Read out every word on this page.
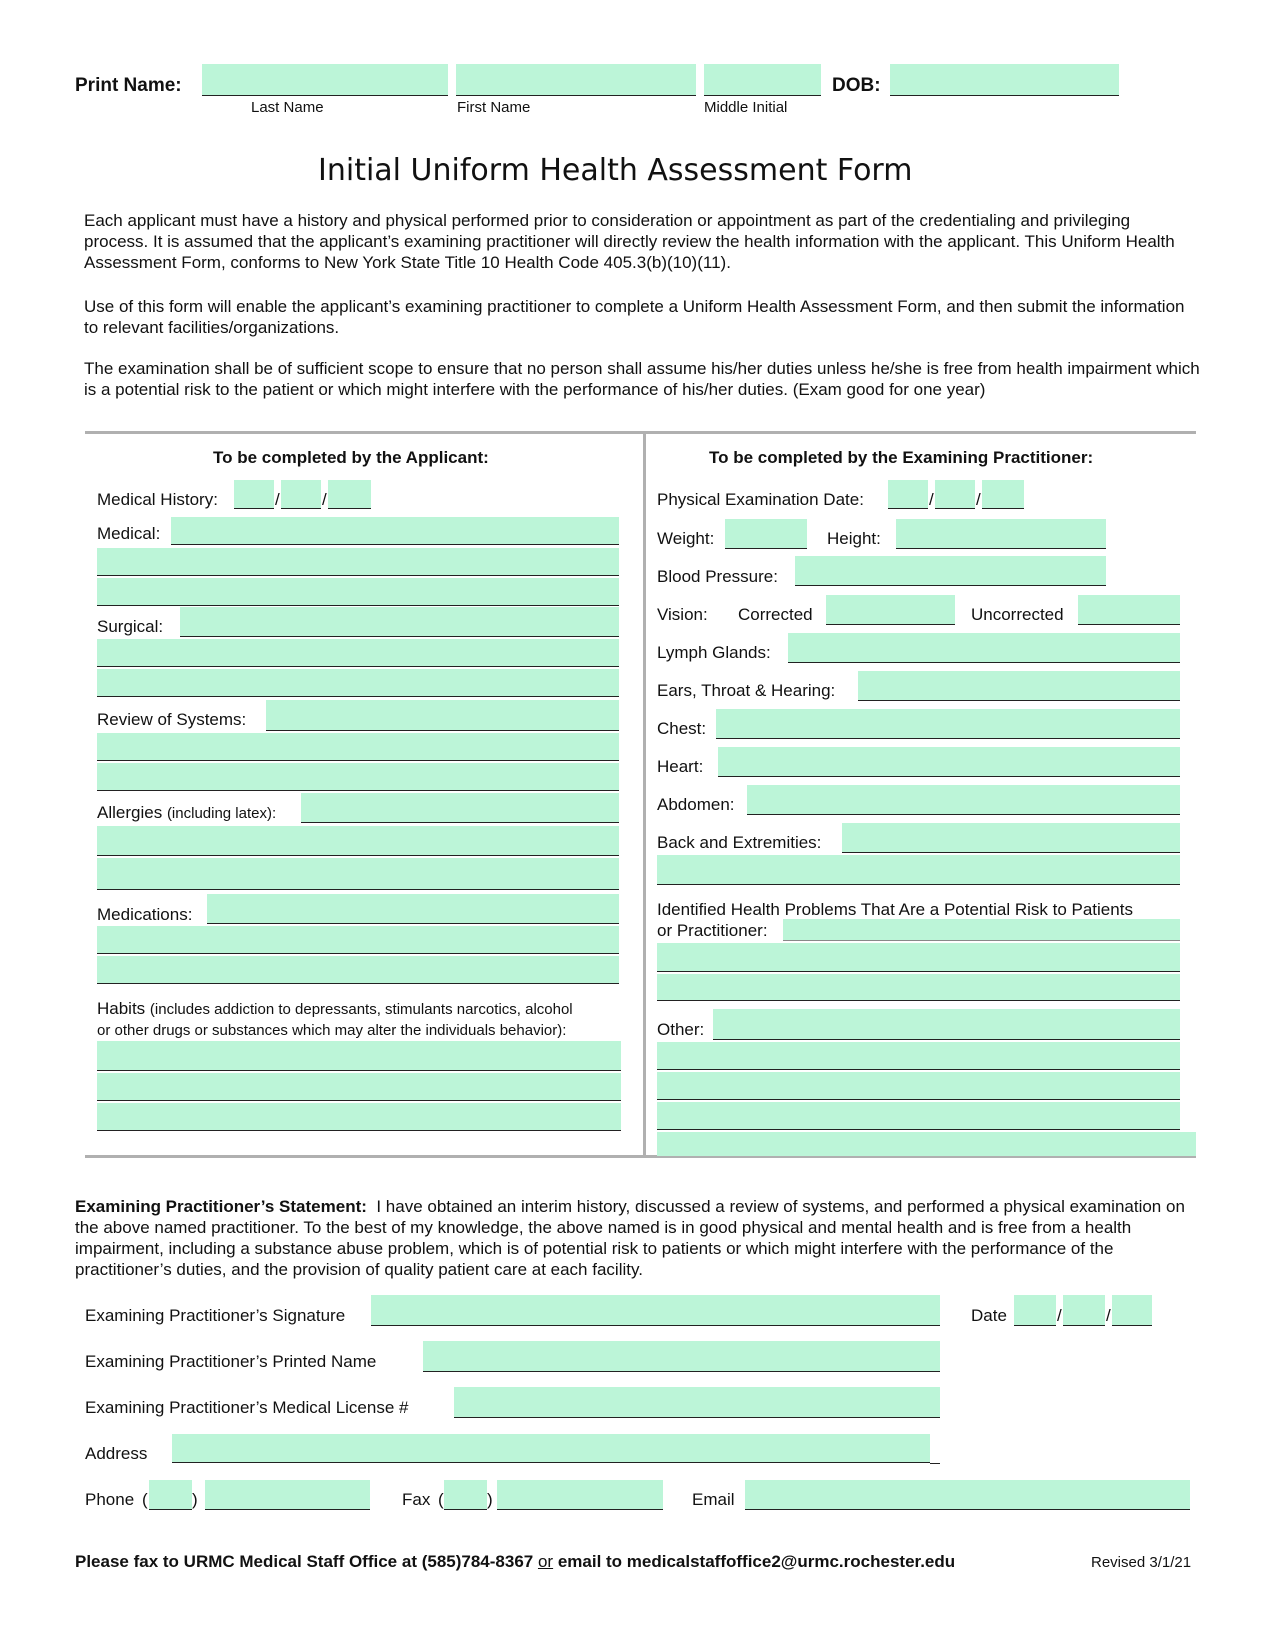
Print Name:
Last Name	First Name	Middle Initial
DOB:
Initial Uniform Health Assessment Form
Each applicant must have a history and physical performed prior to consideration or appointment as part of the credentialing and privileging process. It is assumed that the applicant’s examining practitioner will directly review the health information with the applicant. This Uniform Health Assessment Form, conforms to New York State Title 10 Health Code 405.3(b)(10)(11).
Use of this form will enable the applicant’s examining practitioner to complete a Uniform Health Assessment Form, and then submit the information to relevant facilities/organizations.
The examination shall be of sufficient scope to ensure that no person shall assume his/her duties unless he/she is free from health impairment which is a potential risk to the patient or which might interfere with the performance of his/her duties. (Exam good for one year)
To be completed by the Applicant:
Medical History:	/ /
Medical:
Surgical:
Review of Systems:
Allergies (including latex):
Medications:
Habits (includes addiction to depressants, stimulants narcotics, alcohol
or other drugs or substances which may alter the individuals behavior):
To be completed by the Examining Practitioner:
Physical Examination Date:	/ /
Weight:	Height:
Blood Pressure:
Vision: Corrected	Uncorrected
Lymph Glands:
Ears, Throat & Hearing:
Chest:
Heart:
Abdomen:
Back and Extremities:
Identified Health Problems That Are a Potential Risk to Patients
or Practitioner:
Other:
Examining Practitioner’s Statement: I have obtained an interim history, discussed a review of systems, and performed a physical examination on the above named practitioner. To the best of my knowledge, the above named is in good physical and mental health and is free from a health impairment, including a substance abuse problem, which is of potential risk to patients or which might interfere with the performance of the practitioner’s duties, and the provision of quality patient care at each facility.
Examining Practitioner’s Signature	Date	/	/
Examining Practitioner’s Printed Name
Examining Practitioner’s Medical License #
Address
Phone (	)	Fax (	)	Email
Please fax to URMC Medical Staff Office at (585)784-8367 or email to medicalstaffoffice2@urmc.rochester.edu	Revised 3/1/21
